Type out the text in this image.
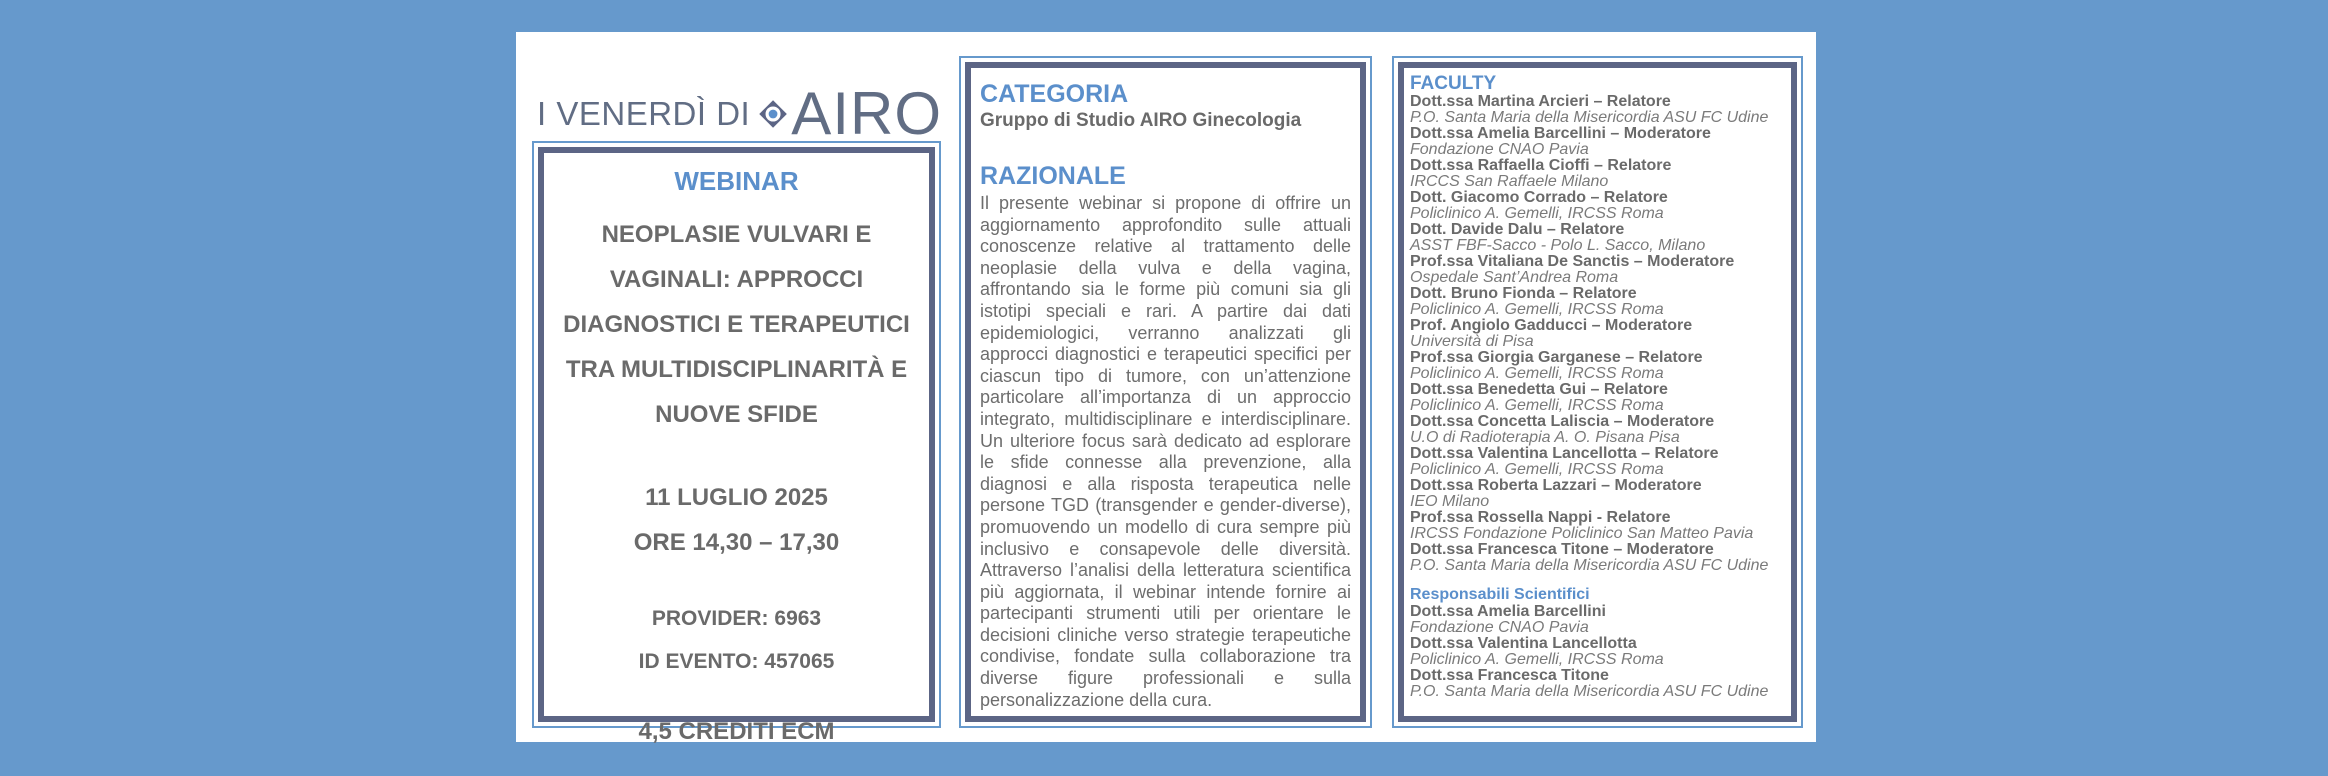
I VENERDÌ DI AIRO
WEBINAR
NEOPLASIE VULVARI E
VAGINALI: APPROCCI
DIAGNOSTICI E TERAPEUTICI
TRA MULTIDISCIPLINARITÀ E
NUOVE SFIDE
11 LUGLIO 2025
ORE 14,30 – 17,30
PROVIDER: 6963
ID EVENTO: 457065
4,5 CREDITI ECM
CATEGORIA
Gruppo di Studio AIRO Ginecologia
RAZIONALE
Il presente webinar si propone di offrire un aggiornamento approfondito sulle attuali conoscenze relative al trattamento delle neoplasie della vulva e della vagina, affrontando sia le forme più comuni sia gli istotipi speciali e rari. A partire dai dati epidemiologici, verranno analizzati gli approcci diagnostici e terapeutici specifici per ciascun tipo di tumore, con un’attenzione particolare all’importanza di un approccio integrato, multidisciplinare e interdisciplinare. Un ulteriore focus sarà dedicato ad esplorare le sfide connesse alla prevenzione, alla diagnosi e alla risposta terapeutica nelle persone TGD (transgender e gender-diverse), promuovendo un modello di cura sempre più inclusivo e consapevole delle diversità. Attraverso l’analisi della letteratura scientifica più aggiornata, il webinar intende fornire ai partecipanti strumenti utili per orientare le decisioni cliniche verso strategie terapeutiche condivise, fondate sulla collaborazione tra diverse figure professionali e sulla personalizzazione della cura.
FACULTY
Dott.ssa Martina Arcieri – Relatore
P.O. Santa Maria della Misericordia ASU FC Udine
Dott.ssa Amelia Barcellini – Moderatore
Fondazione CNAO Pavia
Dott.ssa Raffaella Cioffi – Relatore
IRCCS San Raffaele Milano
Dott. Giacomo Corrado – Relatore
Policlinico A. Gemelli, IRCSS Roma
Dott. Davide Dalu – Relatore
ASST FBF-Sacco - Polo L. Sacco, Milano
Prof.ssa Vitaliana De Sanctis – Moderatore
Ospedale Sant’Andrea Roma
Dott. Bruno Fionda – Relatore
Policlinico A. Gemelli, IRCSS Roma
Prof. Angiolo Gadducci – Moderatore
Università di Pisa
Prof.ssa Giorgia Garganese – Relatore
Policlinico A. Gemelli, IRCSS Roma
Dott.ssa Benedetta Gui – Relatore
Policlinico A. Gemelli, IRCSS Roma
Dott.ssa Concetta Laliscia – Moderatore
U.O di Radioterapia A. O. Pisana Pisa
Dott.ssa Valentina Lancellotta – Relatore
Policlinico A. Gemelli, IRCSS Roma
Dott.ssa Roberta Lazzari – Moderatore
IEO Milano
Prof.ssa Rossella Nappi - Relatore
IRCSS Fondazione Policlinico San Matteo Pavia
Dott.ssa Francesca Titone – Moderatore
P.O. Santa Maria della Misericordia ASU FC Udine
Responsabili Scientifici
Dott.ssa Amelia Barcellini
Fondazione CNAO Pavia
Dott.ssa Valentina Lancellotta
Policlinico A. Gemelli, IRCSS Roma
Dott.ssa Francesca Titone
P.O. Santa Maria della Misericordia ASU FC Udine
